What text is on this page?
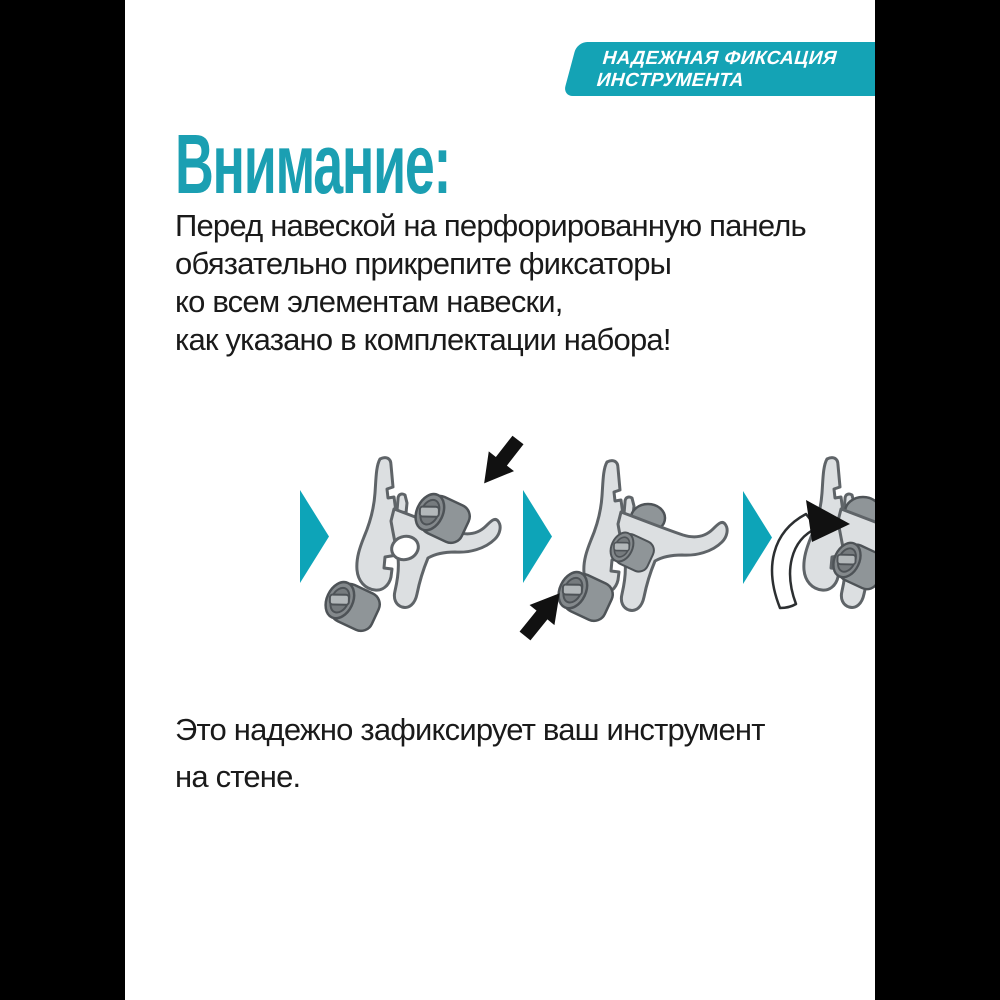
НАДЕЖНАЯ ФИКСАЦИЯ
ИНСТРУМЕНТА
Внимание:
Перед навеской на перфорированную панель
обязательно прикрепите фиксаторы
ко всем элементам навески,
как указано в комплектации набора!
Это надежно зафиксирует ваш инструмент
на стене.
